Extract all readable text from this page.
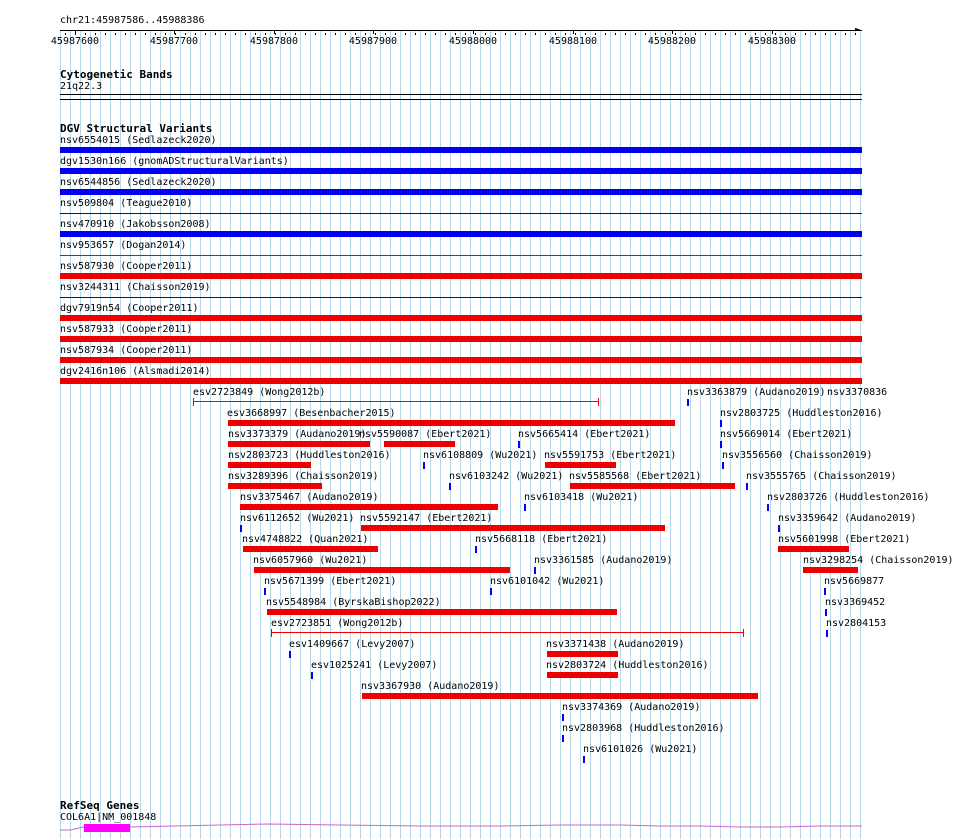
chr21:45987586..45988386
45987600	45987700	45987800	45987900	45988000	45988100	45988200	45988300
►
Cytogenetic Bands
21q22.3
DGV Structural Variants
nsv6554015 (Sedlazeck2020)
dgv1530n166 (gnomADStructuralVariants)
nsv6544856 (Sedlazeck2020)
nsv509804 (Teague2010)
nsv470910 (Jakobsson2008)
nsv953657 (Dogan2014)
nsv587930 (Cooper2011)
nsv3244311 (Chaisson2019)
dgv7919n54 (Cooper2011)
nsv587933 (Cooper2011)
nsv587934 (Cooper2011)
dgv2416n106 (Alsmadi2014)
esv2723849 (Wong2012b)	nsv3363879 (Audano2019) nsv3370836
esv3668997 (Besenbacher2015)	nsv2803725 (Huddleston2016)
nsv3373379 (Audano2019)
nsv5590087 (Ebert2021)	nsv5665414 (Ebert2021)	nsv5669014 (Ebert2021)
nsv2803723 (Huddleston2016)	nsv6108809 (Wu2021) nsv5591753 (Ebert2021)	nsv3556560 (Chaisson2019)
nsv3289396 (Chaisson2019)	nsv6103242 (Wu2021) nsv5585568 (Ebert2021)	nsv3555765 (Chaisson2019)
nsv3375467 (Audano2019)	nsv6103418 (Wu2021)	nsv2803726 (Huddleston2016)
nsv6112652 (Wu2021) nsv5592147 (Ebert2021)	nsv3359642 (Audano2019)
nsv4748822 (Quan2021)	nsv5668118 (Ebert2021)	nsv5601998 (Ebert2021)
nsv6057960 (Wu2021)	nsv3361585 (Audano2019)	nsv3298254 (Chaisson2019)
nsv5671399 (Ebert2021)	nsv6101042 (Wu2021)	nsv5669877
nsv5548984 (ByrskaBishop2022)	nsv3369452
esv2723851 (Wong2012b)	nsv2804153
esv1409667 (Levy2007)	nsv3371438 (Audano2019)
esv1025241 (Levy2007)	nsv2803724 (Huddleston2016)
nsv3367930 (Audano2019)
nsv3374369 (Audano2019)
nsv2803968 (Huddleston2016)
nsv6101026 (Wu2021)
RefSeq Genes
COL6A1|NM_001848
